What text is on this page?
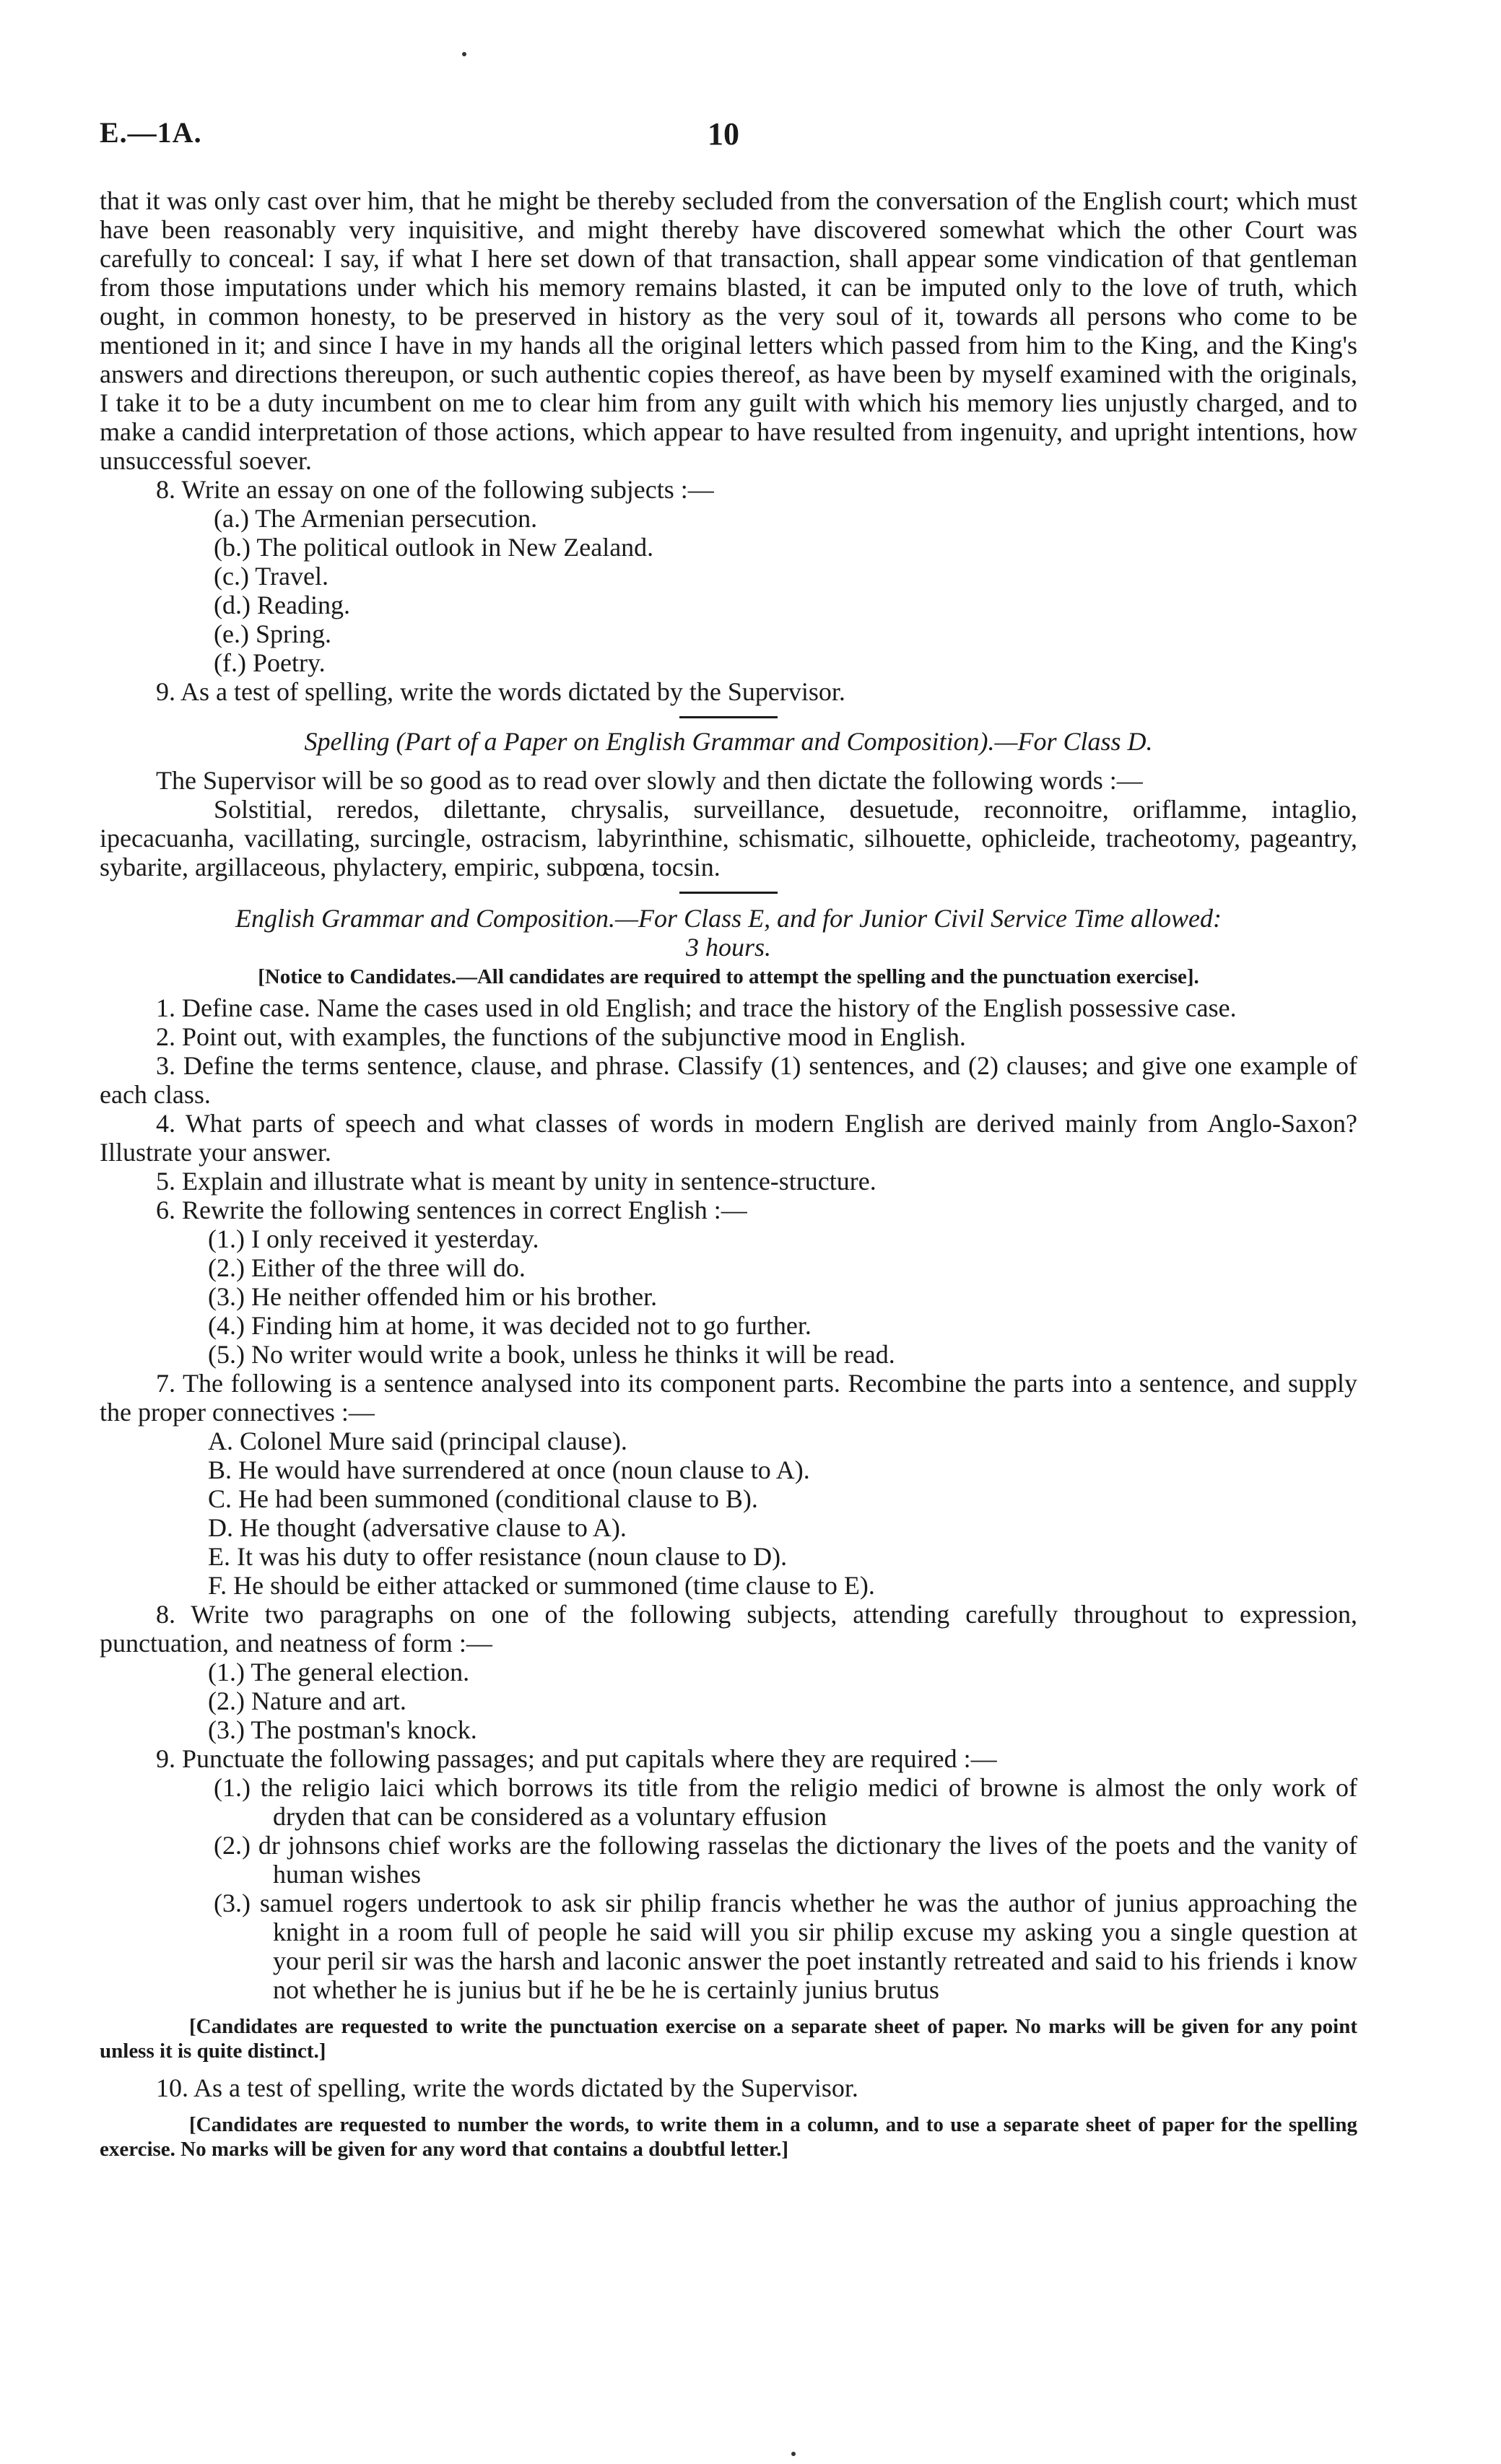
E.—1A.	10

that it was only cast over him, that he might be thereby secluded from the conversation of the English court; which must have been reasonably very inquisitive, and might thereby have discovered somewhat which the other Court was carefully to conceal: I say, if what I here set down of that transaction, shall appear some vindication of that gentleman from those imputations under which his memory remains blasted, it can be imputed only to the love of truth, which ought, in common honesty, to be preserved in history as the very soul of it, towards all persons who come to be mentioned in it; and since I have in my hands all the original letters which passed from him to the King, and the King's answers and directions thereupon, or such authentic copies thereof, as have been by myself examined with the originals, I take it to be a duty incumbent on me to clear him from any guilt with which his memory lies unjustly charged, and to make a candid interpretation of those actions, which appear to have resulted from ingenuity, and upright intentions, how unsuccessful soever.

8. Write an essay on one of the following subjects :—

(a.) The Armenian persecution.

(b.) The political outlook in New Zealand.

(c.) Travel.

(d.) Reading.

(e.) Spring.

(f.) Poetry.

9. As a test of spelling, write the words dictated by the Supervisor.

Spelling (Part of a Paper on English Grammar and Composition).—For Class D.

The Supervisor will be so good as to read over slowly and then dictate the following words :—

Solstitial, reredos, dilettante, chrysalis, surveillance, desuetude, reconnoitre, oriflamme, intaglio, ipecacuanha, vacillating, surcingle, ostracism, labyrinthine, schismatic, silhouette, ophicleide, tracheotomy, pageantry, sybarite, argillaceous, phylactery, empiric, subpœna, tocsin.

English Grammar and Composition.—For Class E, and for Junior Civil Service Time allowed:

3 hours.

[Notice to Candidates.—All candidates are required to attempt the spelling and the punctuation exercise].

1. Define case. Name the cases used in old English; and trace the history of the English possessive case.

2. Point out, with examples, the functions of the subjunctive mood in English.

3. Define the terms sentence, clause, and phrase. Classify (1) sentences, and (2) clauses; and give one example of each class.

4. What parts of speech and what classes of words in modern English are derived mainly from Anglo-Saxon? Illustrate your answer.

5. Explain and illustrate what is meant by unity in sentence-structure.

6. Rewrite the following sentences in correct English :—

(1.) I only received it yesterday.

(2.) Either of the three will do.

(3.) He neither offended him or his brother.

(4.) Finding him at home, it was decided not to go further.

(5.) No writer would write a book, unless he thinks it will be read.

7. The following is a sentence analysed into its component parts. Recombine the parts into a sentence, and supply the proper connectives :—

A. Colonel Mure said (principal clause).

B. He would have surrendered at once (noun clause to A).

C. He had been summoned (conditional clause to B).

D. He thought (adversative clause to A).

E. It was his duty to offer resistance (noun clause to D).

F. He should be either attacked or summoned (time clause to E).

8. Write two paragraphs on one of the following subjects, attending carefully throughout to expression, punctuation, and neatness of form :—

(1.) The general election.

(2.) Nature and art.

(3.) The postman's knock.

9. Punctuate the following passages; and put capitals where they are required :—

(1.) the religio laici which borrows its title from the religio medici of browne is almost the only work of dryden that can be considered as a voluntary effusion

(2.) dr johnsons chief works are the following rasselas the dictionary the lives of the poets and the vanity of human wishes

(3.) samuel rogers undertook to ask sir philip francis whether he was the author of junius approaching the knight in a room full of people he said will you sir philip excuse my asking you a single question at your peril sir was the harsh and laconic answer the poet instantly retreated and said to his friends i know not whether he is junius but if he be he is certainly junius brutus

[Candidates are requested to write the punctuation exercise on a separate sheet of paper. No marks will be given for any point unless it is quite distinct.]

10. As a test of spelling, write the words dictated by the Supervisor.

[Candidates are requested to number the words, to write them in a column, and to use a separate sheet of paper for the spelling exercise. No marks will be given for any word that contains a doubtful letter.]
